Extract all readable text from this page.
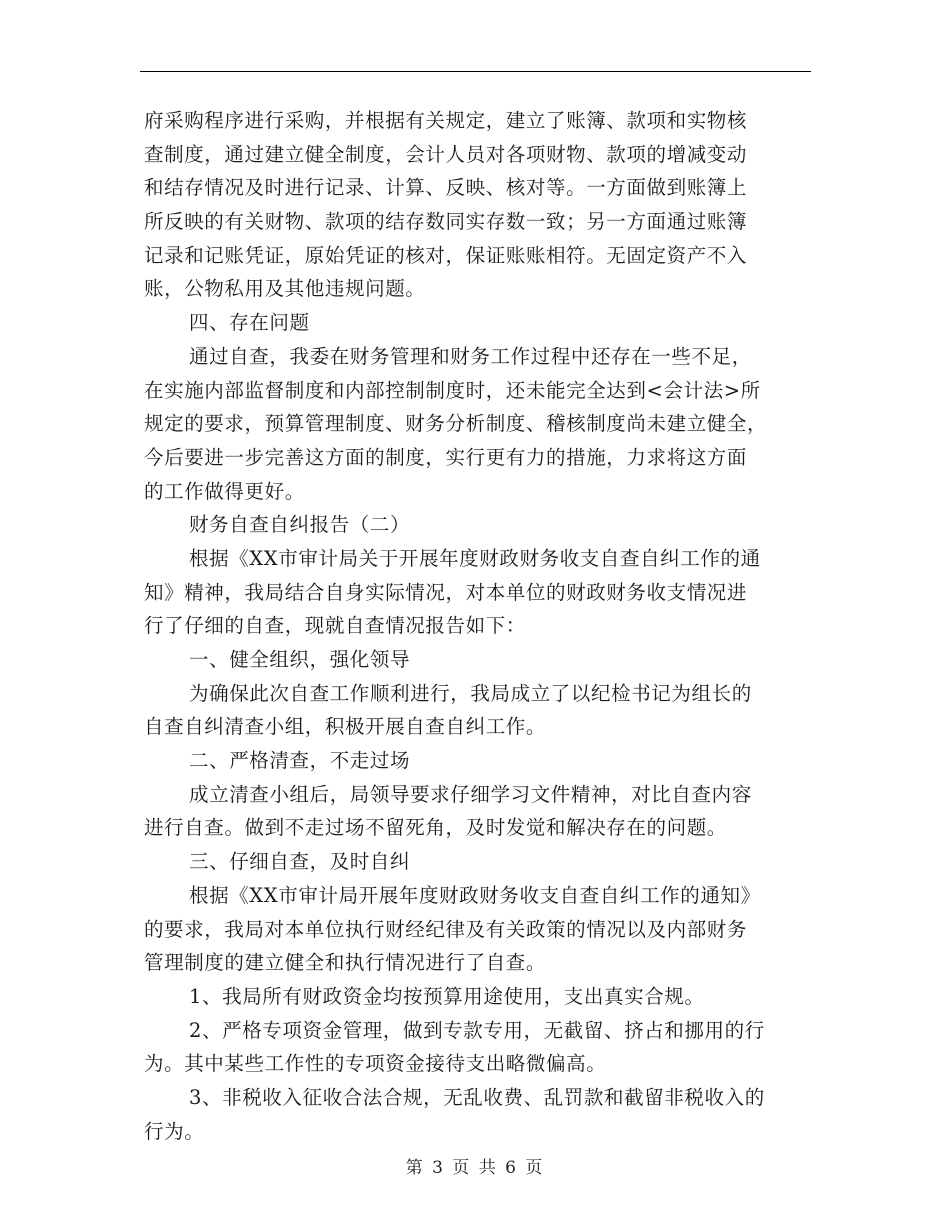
府采购程序进行采购，并根据有关规定，建立了账簿、款项和实物核
查制度，通过建立健全制度，会计人员对各项财物、款项的增减变动
和结存情况及时进行记录、计算、反映、核对等。一方面做到账簿上
所反映的有关财物、款项的结存数同实存数一致；另一方面通过账簿
记录和记账凭证，原始凭证的核对，保证账账相符。无固定资产不入
账，公物私用及其他违规问题。
四、存在问题
通过自查，我委在财务管理和财务工作过程中还存在一些不足，
在实施内部监督制度和内部控制制度时，还未能完全达到<会计法>所
规定的要求，预算管理制度、财务分析制度、稽核制度尚未建立健全，
今后要进一步完善这方面的制度，实行更有力的措施，力求将这方面
的工作做得更好。
财务自查自纠报告（二）
根据《XX市审计局关于开展年度财政财务收支自查自纠工作的通
知》精神，我局结合自身实际情况，对本单位的财政财务收支情况进
行了仔细的自查，现就自查情况报告如下：
一、健全组织，强化领导
为确保此次自查工作顺利进行，我局成立了以纪检书记为组长的
自查自纠清查小组，积极开展自查自纠工作。
二、严格清查，不走过场
成立清查小组后，局领导要求仔细学习文件精神，对比自查内容
进行自查。做到不走过场不留死角，及时发觉和解决存在的问题。
三、仔细自查，及时自纠
根据《XX市审计局开展年度财政财务收支自查自纠工作的通知》
的要求，我局对本单位执行财经纪律及有关政策的情况以及内部财务
管理制度的建立健全和执行情况进行了自查。
1、我局所有财政资金均按预算用途使用，支出真实合规。
2、严格专项资金管理，做到专款专用，无截留、挤占和挪用的行
为。其中某些工作性的专项资金接待支出略微偏高。
3、非税收入征收合法合规，无乱收费、乱罚款和截留非税收入的
行为。
第 3 页 共 6 页
